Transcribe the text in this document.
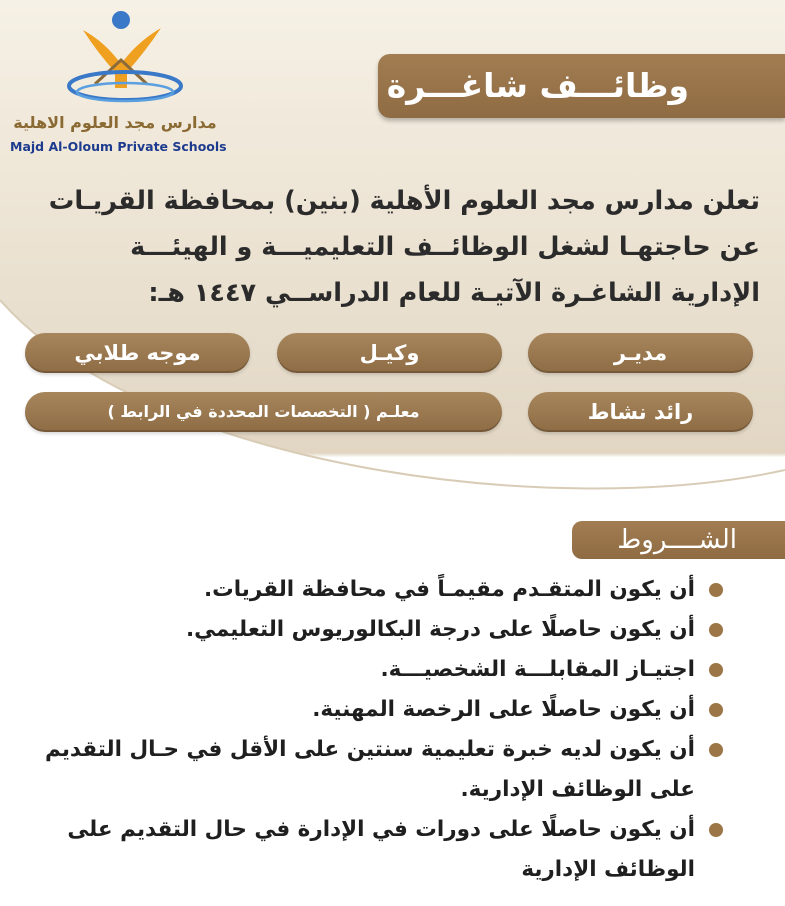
مدارس مجد العلوم الاهلية
Majd Al-Oloum Private Schools
وظائـــف شاغـــرة
تعلن مدارس مجد العلوم الأهلية (بنين) بمحافظة القريـات
عن حاجتهـا لشغل الوظائــف التعليميـــة و الهيئـــة
الإدارية الشاغـرة الآتيـة للعام الدراســي ١٤٤٧ هـ:
مديـر
وكيـل
موجه طلابي
رائد نشاط
معلـم ( التخصصات المحددة في الرابط )
الشــــروط
أن يكون المتقـدم مقيمـاً في محافظة القريات.
أن يكون حاصلًا على درجة البكالوريوس التعليمي.
اجتيـاز المقابلـــة الشخصيـــة.
أن يكون حاصلًا على الرخصة المهنية.
أن يكون لديه خبرة تعليمية سنتين على الأقل في حـال التقديم على الوظائف الإدارية.
أن يكون حاصلًا على دورات في الإدارة في حال التقديم على الوظائف الإدارية
